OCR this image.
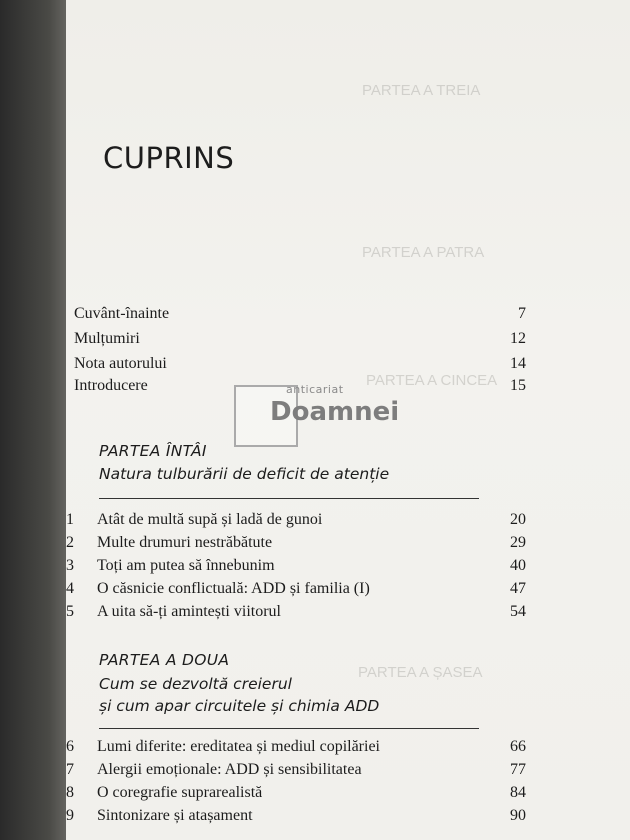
PARTEA A TREIA
PARTEA A PATRA
PARTEA A CINCEA
PARTEA A ȘASEA
CUPRINS
Cuvânt-înainte	7
Mulțumiri	12
Nota autorului	14
Introducere	15
anticariat
Doamnei
PARTEA ÎNTÂI
Natura tulburării de deficit de atenție
1 Atât de multă supă și ladă de gunoi	20
2 Multe drumuri nestrăbătute	29
3 Toți am putea să înnebunim	40
4 O căsnicie conflictuală: ADD și familia (I)	47
5 A uita să-ți amintești viitorul	54
PARTEA A DOUA
Cum se dezvoltă creierul
și cum apar circuitele și chimia ADD
6 Lumi diferite: ereditatea și mediul copilăriei	66
7 Alergii emoționale: ADD și sensibilitatea	77
8 O coregrafie suprarealistă	84
9 Sintonizare și atașament	90
